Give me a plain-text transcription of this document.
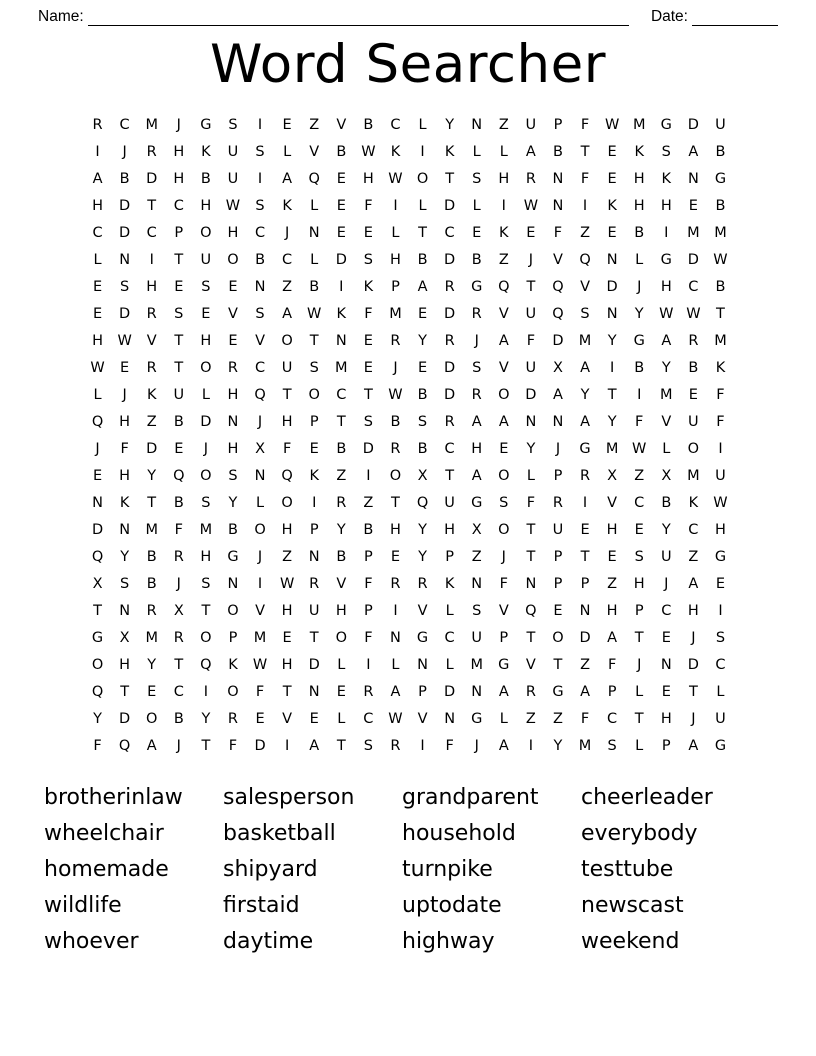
Name:	Date:
Word Searcher
R	C	M	J	G	S	I	E	Z	V	B	C	L	Y	N	Z	U	P	F	W M	G	D	U
I	J	R	H	K	U	S	L	V	B	W	K	I	K	L	L	A	B	T	E	K	S	A	B
A	B	D	H	B	U	I	A	Q	E	H W O	T	S	H	R	N	F	E	H	K	N	G
H	D	T	C	H W	S	K	L	E	F	I	L	D	L	I	W N	I	K	H	H	E	B
C	D	C	P	O	H	C	J	N	E	E	L	T	C	E	K	E	F	Z	E	B	I	M	M
L	N	I	T	U	O	B	C	L	D	S	H	B	D	B	Z	J	V	Q	N	L	G	D W
E	S	H	E	S	E	N	Z	B	I	K	P	A	R	G	Q	T	Q	V	D	J	H	C	B
E	D	R	S	E	V	S	A	W	K	F	M	E	D	R	V	U	Q	S	N	Y	W W	T
H W	V	T	H	E	V	O	T	N	E	R	Y	R	J	A	F	D	M	Y	G	A	R	M
W	E	R	T	O	R	C	U	S	M	E	J	E	D	S	V	U	X	A	I	B	Y	B	K
L	J	K	U	L	H	Q	T	O	C	T	W	B	D	R	O	D	A	Y	T	I	M	E	F
Q	H	Z	B	D	N	J	H	P	T	S	B	S	R	A	A	N	N	A	Y	F	V	U	F
J	F	D	E	J	H	X	F	E	B	D	R	B	C	H	E	Y	J	G	M W	L	O	I
E	H	Y	Q	O	S	N	Q	K	Z	I	O	X	T	A	O	L	P	R	X	Z	X	M	U
N	K	T	B	S	Y	L	O	I	R	Z	T	Q	U	G	S	F	R	I	V	C	B	K	W
D	N	M	F	M	B	O	H	P	Y	B	H	Y	H	X	O	T	U	E	H	E	Y	C	H
Q	Y	B	R	H	G	J	Z	N	B	P	E	Y	P	Z	J	T	P	T	E	S	U	Z	G
X	S	B	J	S	N	I	W	R	V	F	R	R	K	N	F	N	P	P	Z	H	J	A	E
T	N	R	X	T	O	V	H	U	H	P	I	V	L	S	V	Q	E	N	H	P	C	H	I
G	X	M	R	O	P	M	E	T	O	F	N	G	C	U	P	T	O	D	A	T	E	J	S
O	H	Y	T	Q	K	W H	D	L	I	L	N	L	M	G	V	T	Z	F	J	N	D	C
Q	T	E	C	I	O	F	T	N	E	R	A	P	D	N	A	R	G	A	P	L	E	T	L
Y	D	O	B	Y	R	E	V	E	L	C	W	V	N	G	L	Z	Z	F	C	T	H	J	U
F	Q	A	J	T	F	D	I	A	T	S	R	I	F	J	A	I	Y	M	S	L	P	A	G
brotherinlaw	salesperson	grandparent	cheerleader
wheelchair	basketball	household	everybody
homemade	shipyard	turnpike	testtube
wildlife	firstaid	uptodate	newscast
whoever	daytime	highway	weekend
